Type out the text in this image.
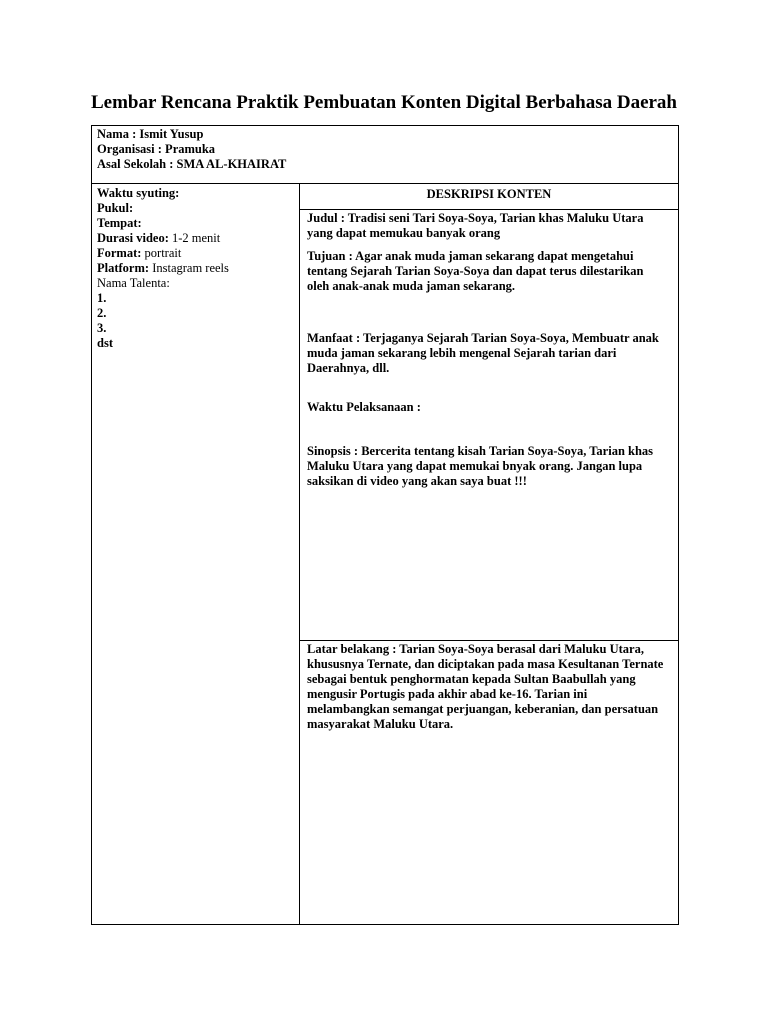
Lembar Rencana Praktik Pembuatan Konten Digital Berbahasa Daerah
Nama : Ismit Yusup
Organisasi : Pramuka
Asal Sekolah : SMA AL-KHAIRAT
Waktu syuting:
Pukul:
Tempat:
Durasi video: 1-2 menit
Format: portrait
Platform: Instagram reels
Nama Talenta:
1.
2.
3.
dst
DESKRIPSI KONTEN
Judul : Tradisi seni Tari Soya-Soya, Tarian khas Maluku Utara
yang dapat memukau banyak orang
Tujuan : Agar anak muda jaman sekarang dapat mengetahui
tentang Sejarah Tarian Soya-Soya dan dapat terus dilestarikan
oleh anak-anak muda jaman sekarang.
Manfaat : Terjaganya Sejarah Tarian Soya-Soya, Membuatr anak
muda jaman sekarang lebih mengenal Sejarah tarian dari
Daerahnya, dll.
Waktu Pelaksanaan :
Sinopsis : Bercerita tentang kisah Tarian Soya-Soya, Tarian khas
Maluku Utara yang dapat memukai bnyak orang. Jangan lupa
saksikan di video yang akan saya buat !!!
Latar belakang : Tarian Soya-Soya berasal dari Maluku Utara,
khususnya Ternate, dan diciptakan pada masa Kesultanan Ternate
sebagai bentuk penghormatan kepada Sultan Baabullah yang
mengusir Portugis pada akhir abad ke-16. Tarian ini
melambangkan semangat perjuangan, keberanian, dan persatuan
masyarakat Maluku Utara.
